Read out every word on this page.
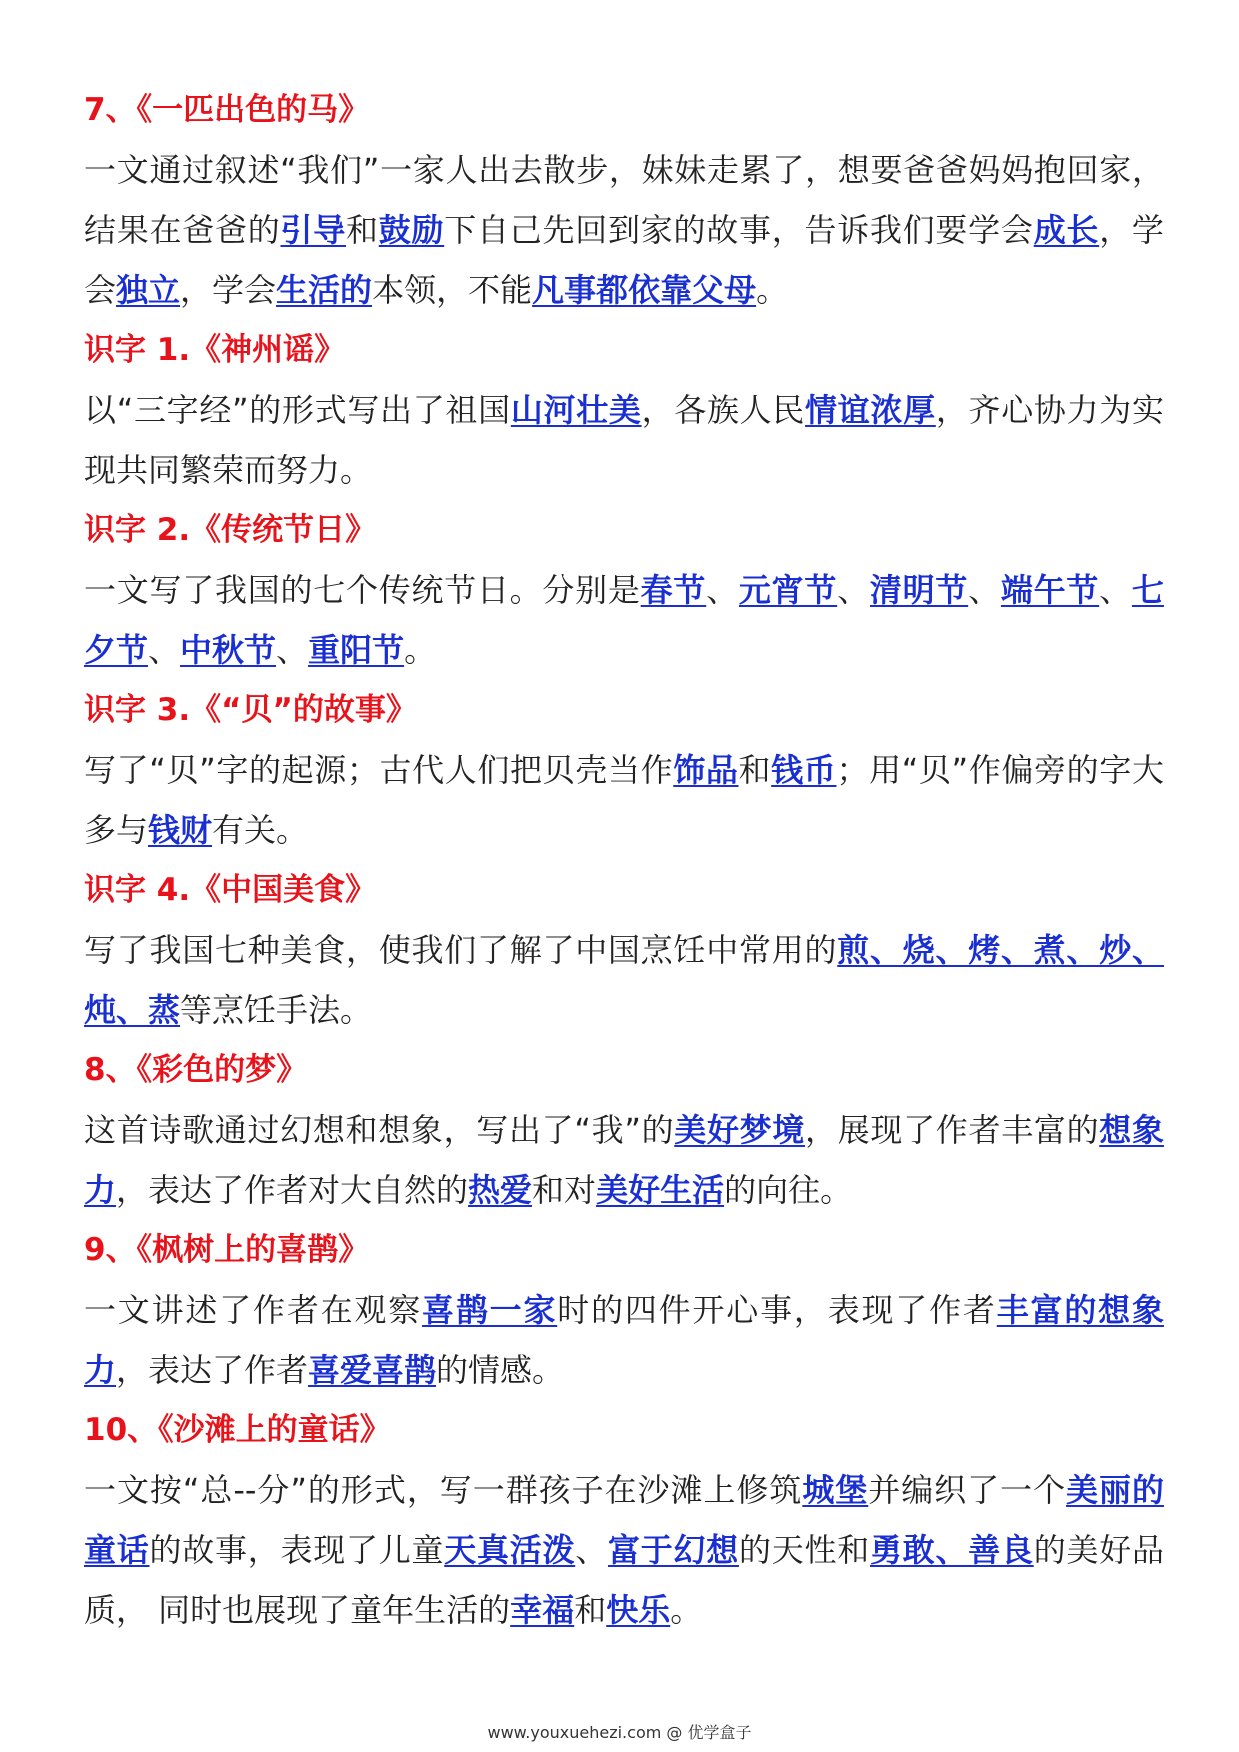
7、《一匹出色的马》
一文通过叙述“我们”一家人出去散步，妹妹走累了，想要爸爸妈妈抱回家，结果在爸爸的引导和鼓励下自己先回到家的故事，告诉我们要学会成长，学会独立，学会生活的本领，不能凡事都依靠父母。
识字 1.《神州谣》
以“三字经”的形式写出了祖国山河壮美，各族人民情谊浓厚，齐心协力为实现共同繁荣而努力。
识字 2.《传统节日》
一文写了我国的七个传统节日。分别是春节、元宵节、清明节、端午节、七夕节、中秋节、重阳节。
识字 3.《“贝”的故事》
写了“贝”字的起源；古代人们把贝壳当作饰品和钱币；用“贝”作偏旁的字大多与钱财有关。
识字 4.《中国美食》
写了我国七种美食，使我们了解了中国烹饪中常用的煎、烧、烤、煮、炒、炖、蒸等烹饪手法。
8、《彩色的梦》
这首诗歌通过幻想和想象，写出了“我”的美好梦境，展现了作者丰富的想象力，表达了作者对大自然的热爱和对美好生活的向往。
9、《枫树上的喜鹊》
一文讲述了作者在观察喜鹊一家时的四件开心事，表现了作者丰富的想象力，表达了作者喜爱喜鹊的情感。
10、《沙滩上的童话》
一文按“总--分”的形式，写一群孩子在沙滩上修筑城堡并编织了一个美丽的童话的故事，表现了儿童天真活泼、富于幻想的天性和勇敢、善良的美好品质， 同时也展现了童年生活的幸福和快乐。
www.youxuehezi.com @ 优学盒子
